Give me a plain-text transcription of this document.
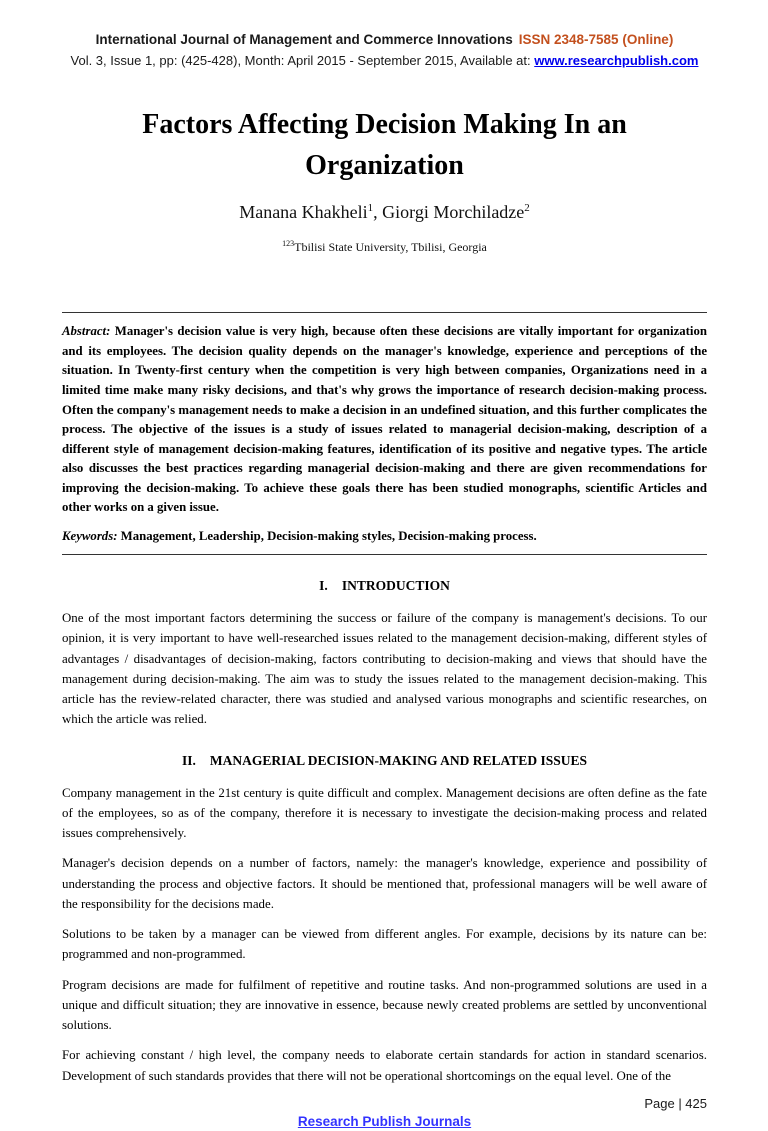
International Journal of Management and Commerce Innovations ISSN 2348-7585 (Online)
Vol. 3, Issue 1, pp: (425-428), Month: April 2015 - September 2015, Available at: www.researchpublish.com
Factors Affecting Decision Making In an
Organization
Manana Khakheli$^1$, Giorgi Morchiladze$^2$
$^{123}$Tbilisi State University, Tbilisi, Georgia

Abstract: Manager's decision value is very high, because often these decisions are vitally important for organization and its employees. The decision quality depends on the manager's knowledge, experience and perceptions of the situation. In Twenty-first century when the competition is very high between companies, Organizations need in a limited time make many risky decisions, and that's why grows the importance of research decision-making process. Often the company's management needs to make a decision in an undefined situation, and this further complicates the process. The objective of the issues is a study of issues related to managerial decision-making, description of a different style of management decision-making features, identification of its positive and negative types. The article also discusses the best practices regarding managerial decision-making and there are given recommendations for improving the decision-making. To achieve these goals there has been studied monographs, scientific Articles and other works on a given issue.

Keywords: Management, Leadership, Decision-making styles, Decision-making process.

I. INTRODUCTION

One of the most important factors determining the success or failure of the company is management's decisions. To our opinion, it is very important to have well-researched issues related to the management decision-making, different styles of advantages / disadvantages of decision-making, factors contributing to decision-making and views that should have the management during decision-making. The aim was to study the issues related to the management decision-making. This article has the review-related character, there was studied and analysed various monographs and scientific researches, on which the article was relied.

II. MANAGERIAL DECISION-MAKING AND RELATED ISSUES

Company management in the 21st century is quite difficult and complex. Management decisions are often define as the fate of the employees, so as of the company, therefore it is necessary to investigate the decision-making process and related issues comprehensively.

Manager's decision depends on a number of factors, namely: the manager's knowledge, experience and possibility of understanding the process and objective factors. It should be mentioned that, professional managers will be well aware of the responsibility for the decisions made.

Solutions to be taken by a manager can be viewed from different angles. For example, decisions by its nature can be: programmed and non-programmed.

Program decisions are made for fulfilment of repetitive and routine tasks. And non-programmed solutions are used in a unique and difficult situation; they are innovative in essence, because newly created problems are settled by unconventional solutions.

For achieving constant / high level, the company needs to elaborate certain standards for action in standard scenarios. Development of such standards provides that there will not be operational shortcomings on the equal level. One of the

Page | 425
Research Publish Journals
